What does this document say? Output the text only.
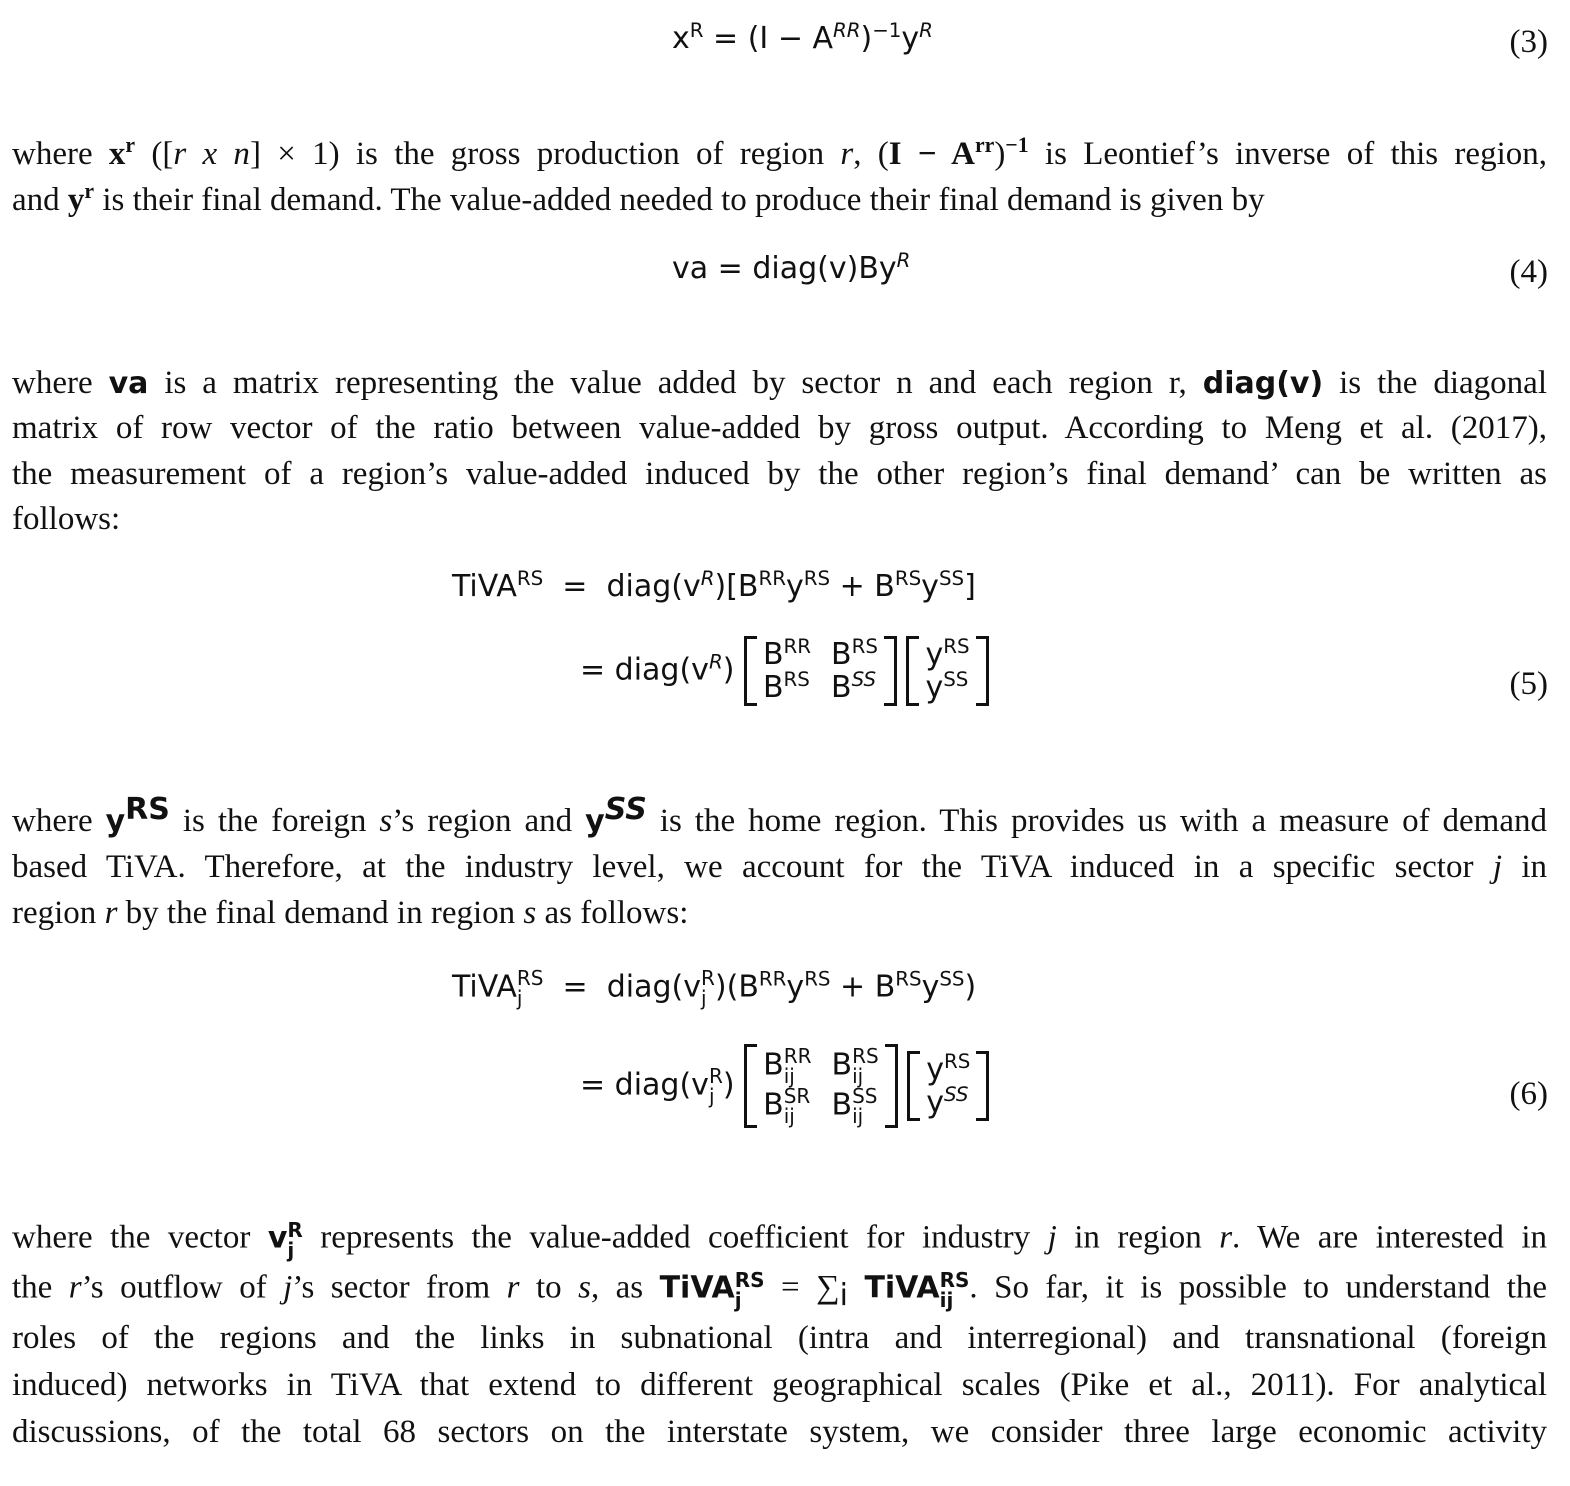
$x^R = (I - A^{RR})^{-1}y^R$	(3)
where $x^r$ ([r x n] × 1) is the gross production of region r, $(I - A^{rr})^{-1}$ is Leontief’s inverse of this region,
and $y^r$ is their final demand. The value-added needed to produce their final demand is given by
va = $diag(v)By^R$	(4)
where va is a matrix representing the value added by sector n and each region r, diag(v) is the diagonal
matrix of row vector of the ratio between value-added by gross output. According to Meng et al. (2017),
the measurement of a region’s value-added induced by the other region’s final demand’ can be written as
follows:
TiVA$^{RS}$  =  $diag(v^R)[B^{RR}y^{RS} + B^{RS}y^{SS}]$
= $diag(v^R)$ $B^{RR}$	$B^{RS}$
$B^{RS}$	$B^{SS}$

$y^{RS}$
$y^{SS}$	(5)
where $y^{RS}$ is the foreign s’s region and $y^{SS}$ is the home region. This provides us with a measure of demand
based TiVA. Therefore, at the industry level, we account for the TiVA induced in a specific sector j in
region r by the final demand in region s as follows:
TiVA RS
j =  diag(v R
j )$(B^{RR}y^{RS} + B^{RS}y^{SS})$
= diag(v R
j )
B RR
ij	B RS
ij

B SR
ij	B SS
ij

$y^{RS}$
$y^{SS}$	(6)
where the vector v R
j represents the value-added coefficient for industry j in region r. We are interested in
the r’s outflow of j’s sector from r to s, as TiVA RS
$j = \sum_i$ TiVA RS
ij . So far, it is possible to understand the
roles of the regions and the links in subnational (intra and interregional) and transnational (foreign
induced) networks in TiVA that extend to different geographical scales (Pike et al., 2011). For analytical
discussions, of the total 68 sectors on the interstate system, we consider three large economic activity
